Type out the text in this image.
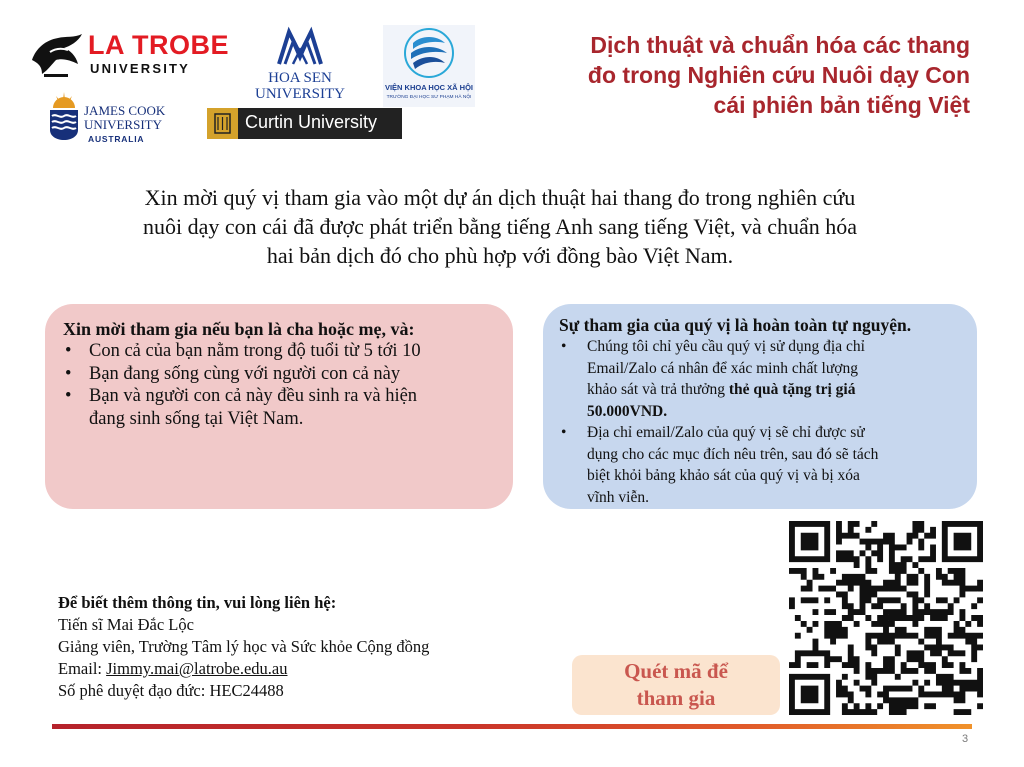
LA TROBE
UNIVERSITY
HOA SEN
UNIVERSITY	VIỆN KHOA HỌC XÃ HỘI
TRƯỜNG ĐẠI HỌC SƯ PHẠM HÀ NỘI
JAMES COOK
UNIVERSITY
AUSTRALIA
Curtin University
Dịch thuật và chuẩn hóa các thang
đo trong Nghiên cứu Nuôi dạy Con
cái phiên bản tiếng Việt

Xin mời quý vị tham gia vào một dự án dịch thuật hai thang đo trong nghiên cứu
nuôi dạy con cái đã được phát triển bằng tiếng Anh sang tiếng Việt, và chuẩn hóa
hai bản dịch đó cho phù hợp với đồng bào Việt Nam.

Xin mời tham gia nếu bạn là cha hoặc mẹ, và:
• Con cả của bạn nằm trong độ tuổi từ 5 tới 10
• Bạn đang sống cùng với người con cả này
• Bạn và người con cả này đều sinh ra và hiện
đang sinh sống tại Việt Nam.
Sự tham gia của quý vị là hoàn toàn tự nguyện.
• Chúng tôi chỉ yêu cầu quý vị sử dụng địa chỉ
Email/Zalo cá nhân để xác minh chất lượng
khảo sát và trả thưởng thẻ quà tặng trị giá
50.000VND.
• Địa chỉ email/Zalo của quý vị sẽ chỉ được sử
dụng cho các mục đích nêu trên, sau đó sẽ tách
biệt khỏi bảng khảo sát của quý vị và bị xóa
vĩnh viễn.
Để biết thêm thông tin, vui lòng liên hệ:
Tiến sĩ Mai Đắc Lộc
Giảng viên, Trường Tâm lý học và Sức khỏe Cộng đồng
Email: Jimmy.mai@latrobe.edu.au
Số phê duyệt đạo đức: HEC24488
Quét mã để
tham gia
3
